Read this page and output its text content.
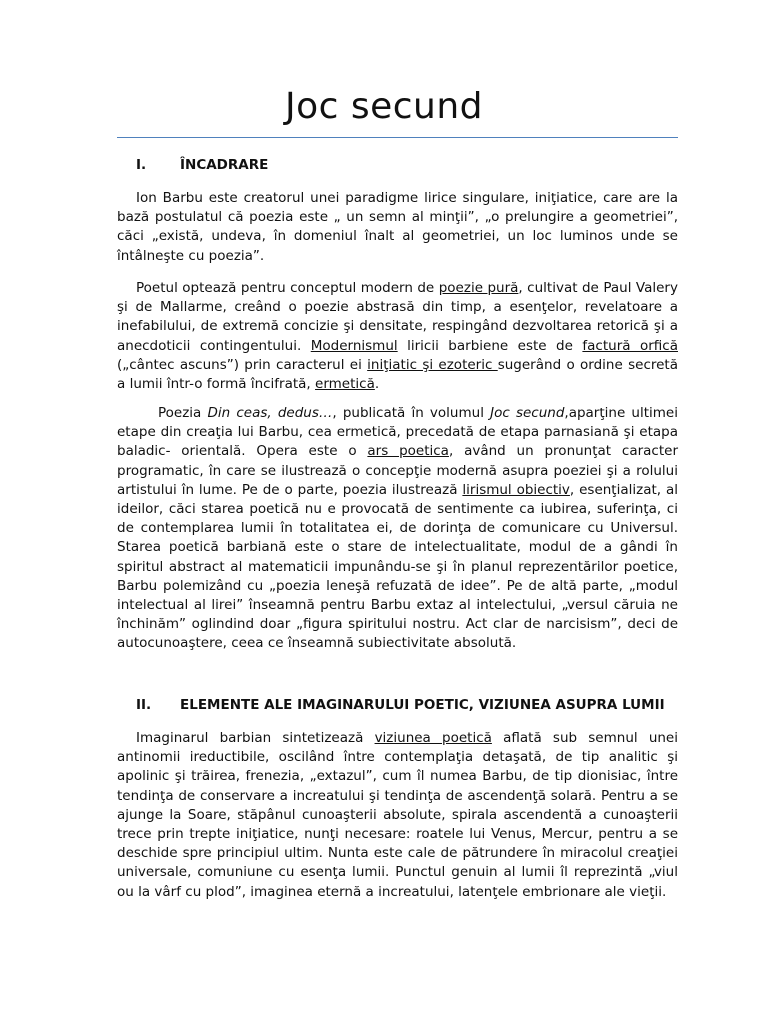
Joc secund
I.	ÎNCADRARE

Ion Barbu este creatorul unei paradigme lirice singulare, iniţiatice, care are la bază postulatul că poezia este „ un semn al minţii”, „o prelungire a geometriei”, căci „există, undeva, în domeniul înalt al geometriei, un loc luminos unde se întâlneşte cu poezia”.

Poetul optează pentru conceptul modern de poezie pură, cultivat de Paul Valery şi de Mallarme, creând o poezie abstrasă din timp, a esenţelor, revelatoare a inefabilului, de extremă concizie şi densitate, respingând dezvoltarea retorică şi a anecdoticii contingentului. Modernismul liricii barbiene este de factură orfică („cântec ascuns”) prin caracterul ei iniţiatic şi ezoteric sugerând o ordine secretă a lumii într-o formă încifrată, ermetică.

Poezia Din ceas, dedus…, publicată în volumul Joc secund,aparţine ultimei etape din creaţia lui Barbu, cea ermetică, precedată de etapa parnasiană şi etapa baladic- orientală. Opera este o ars poetica, având un pronunţat caracter programatic, în care se ilustrează o concepţie modernă asupra poeziei şi a rolului artistului în lume. Pe de o parte, poezia ilustrează lirismul obiectiv, esenţializat, al ideilor, căci starea poetică nu e provocată de sentimente ca iubirea, suferinţa, ci de contemplarea lumii în totalitatea ei, de dorinţa de comunicare cu Universul. Starea poetică barbiană este o stare de intelectualitate, modul de a gândi în spiritul abstract al matematicii impunându-se şi în planul reprezentărilor poetice, Barbu polemizând cu „poezia leneşă refuzată de idee”. Pe de altă parte, „modul intelectual al lirei” înseamnă pentru Barbu extaz al intelectului, „versul căruia ne închinăm” oglindind doar „figura spiritului nostru. Act clar de narcisism”, deci de autocunoaştere, ceea ce înseamnă subiectivitate absolută.

II. ELEMENTE ALE IMAGINARULUI POETIC, VIZIUNEA ASUPRA LUMII

Imaginarul barbian sintetizează viziunea poetică aflată sub semnul unei antinomii ireductibile, oscilând între contemplaţia detaşată, de tip analitic şi apolinic şi trăirea, frenezia, „extazul”, cum îl numea Barbu, de tip dionisiac, între tendinţa de conservare a increatului şi tendinţa de ascendenţă solară. Pentru a se ajunge la Soare, stăpânul cunoaşterii absolute, spirala ascendentă a cunoaşterii trece prin trepte iniţiatice, nunţi necesare: roatele lui Venus, Mercur, pentru a se deschide spre principiul ultim. Nunta este cale de pătrundere în miracolul creaţiei universale, comuniune cu esenţa lumii. Punctul genuin al lumii îl reprezintă „viul ou la vârf cu plod”, imaginea eternă a increatului, latenţele embrionare ale vieţii.
